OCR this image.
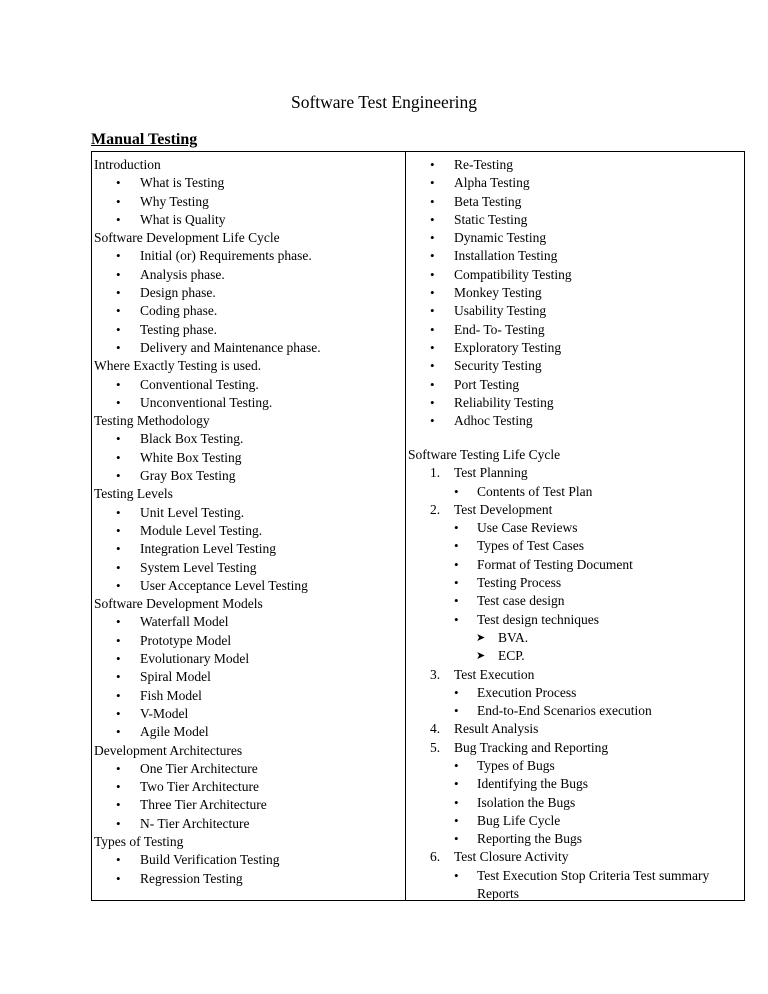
Software Test Engineering
Manual Testing
Introduction
• What is Testing
• Why Testing
• What is Quality
Software Development Life Cycle
• Initial (or) Requirements phase.
• Analysis phase.
• Design phase.
• Coding phase.
• Testing phase.
• Delivery and Maintenance phase.
Where Exactly Testing is used.
• Conventional Testing.
• Unconventional Testing.
Testing Methodology
• Black Box Testing.
• White Box Testing
• Gray Box Testing
Testing Levels
• Unit Level Testing.
• Module Level Testing.
• Integration Level Testing
• System Level Testing
• User Acceptance Level Testing
Software Development Models
• Waterfall Model
• Prototype Model
• Evolutionary Model
• Spiral Model
• Fish Model
• V-Model
• Agile Model
Development Architectures
• One Tier Architecture
• Two Tier Architecture
• Three Tier Architecture
• N- Tier Architecture
Types of Testing
• Build Verification Testing
• Regression Testing
• Re-Testing
• Alpha Testing
• Beta Testing
• Static Testing
• Dynamic Testing
• Installation Testing
• Compatibility Testing
• Monkey Testing
• Usability Testing
• End- To- Testing
• Exploratory Testing
• Security Testing
• Port Testing
• Reliability Testing
• Adhoc Testing
Software Testing Life Cycle
1.	Test Planning
• Contents of Test Plan
2.	Test Development
• Use Case Reviews
• Types of Test Cases
• Format of Testing Document
• Testing Process
• Test case design
• Test design techniques
➤ BVA.
➤ ECP.
3.	Test Execution
• Execution Process
• End-to-End Scenarios execution
4.	Result Analysis
5.	Bug Tracking and Reporting
• Types of Bugs
• Identifying the Bugs
• Isolation the Bugs
• Bug Life Cycle
• Reporting the Bugs
6.	Test Closure Activity
• Test Execution Stop Criteria Test summary Reports
